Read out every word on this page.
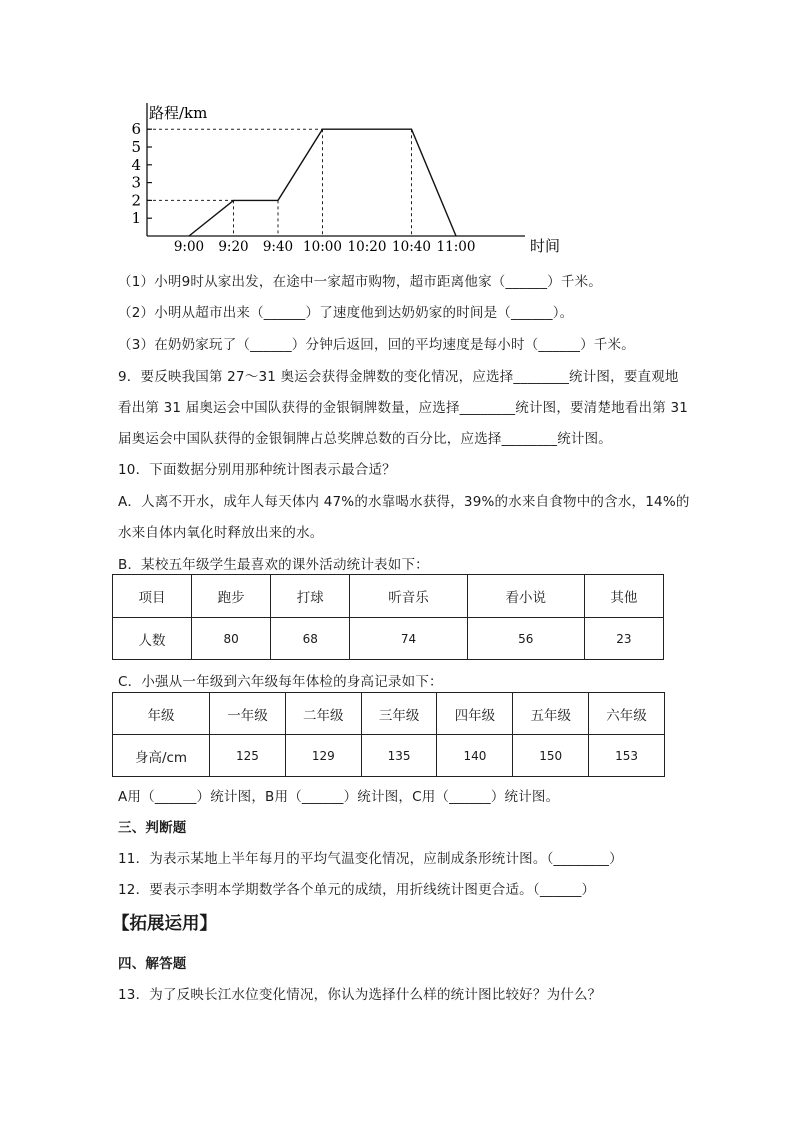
路程/km
时间
1
2
3
4
5
6
9:00 9:20 9:40 10:00 10:20 10:40 11:00
（1）小明9时从家出发，在途中一家超市购物，超市距离他家（______）千米。
（2）小明从超市出来（______）了速度他到达奶奶家的时间是（______）。
（3）在奶奶家玩了（______）分钟后返回，回的平均速度是每小时（______）千米。
9．要反映我国第 27～31 奥运会获得金牌数的变化情况，应选择________统计图，要直观地
看出第 31 届奥运会中国队获得的金银铜牌数量，应选择________统计图，要清楚地看出第 31
届奥运会中国队获得的金银铜牌占总奖牌总数的百分比，应选择________统计图。
10．下面数据分别用那种统计图表示最合适？
A．人离不开水，成年人每天体内 47%的水靠喝水获得，39%的水来自食物中的含水，14%的
水来自体内氧化时释放出来的水。
B．某校五年级学生最喜欢的课外活动统计表如下：
项目	跑步	打球	听音乐	看小说	其他
人数	80	68	74	56	23
C．小强从一年级到六年级每年体检的身高记录如下：
年级	一年级	二年级	三年级	四年级	五年级	六年级
身高/cm	125	129	135	140	150	153
A用（______）统计图，B用（______）统计图，C用（______）统计图。
三、判断题
11．为表示某地上半年每月的平均气温变化情况，应制成条形统计图。（________）
12．要表示李明本学期数学各个单元的成绩，用折线统计图更合适。（______）
【拓展运用】
四、解答题
13．为了反映长江水位变化情况，你认为选择什么样的统计图比较好？为什么？
